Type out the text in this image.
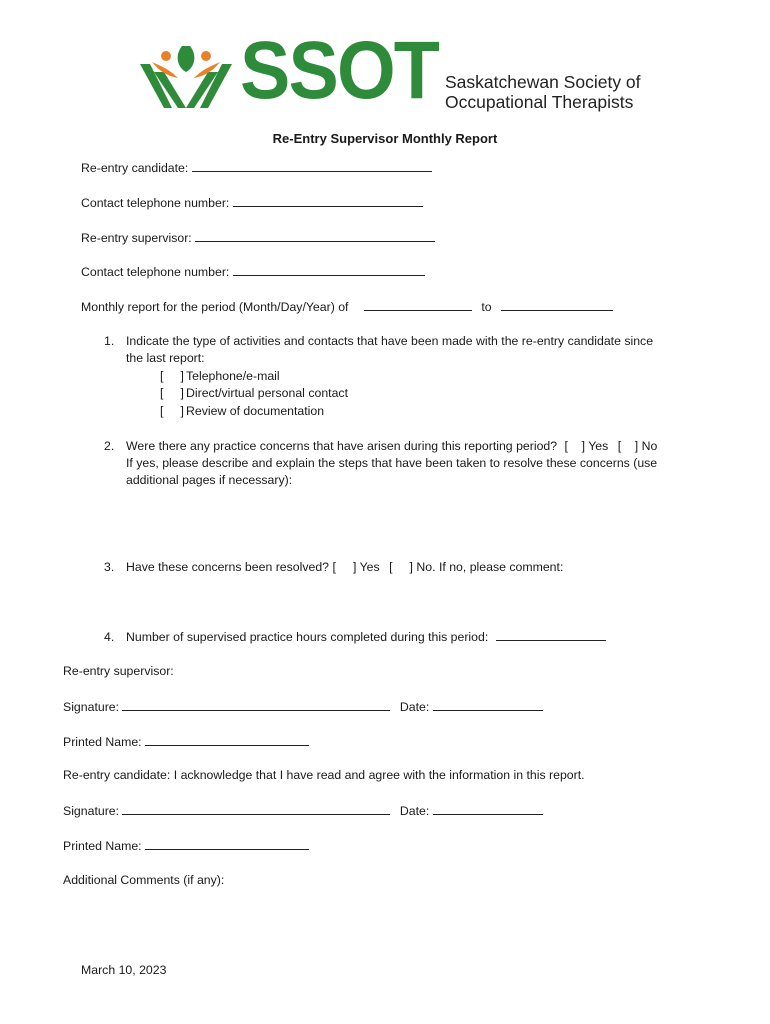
SSOT Saskatchewan Society of
Occupational Therapists
Re-Entry Supervisor Monthly Report
Re-entry candidate:
Contact telephone number:
Re-entry supervisor:
Contact telephone number:
Monthly report for the period (Month/Day/Year) of	to
1. Indicate the type of activities and contacts that have been made with the re-entry candidate since
the last report:
[     ] Telephone/e-mail
[     ] Direct/virtual personal contact
[     ] Review of documentation
2. Were there any practice concerns that have arisen during this reporting period? [    ] Yes [    ] No
If yes, please describe and explain the steps that have been taken to resolve these concerns (use
additional pages if necessary):
3. Have these concerns been resolved? [     ] Yes [     ] No. If no, please comment:
4. Number of supervised practice hours completed during this period:
Re-entry supervisor:
Signature:	Date:
Printed Name:
Re-entry candidate: I acknowledge that I have read and agree with the information in this report.
Signature:	Date:
Printed Name:
Additional Comments (if any):
March 10, 2023
